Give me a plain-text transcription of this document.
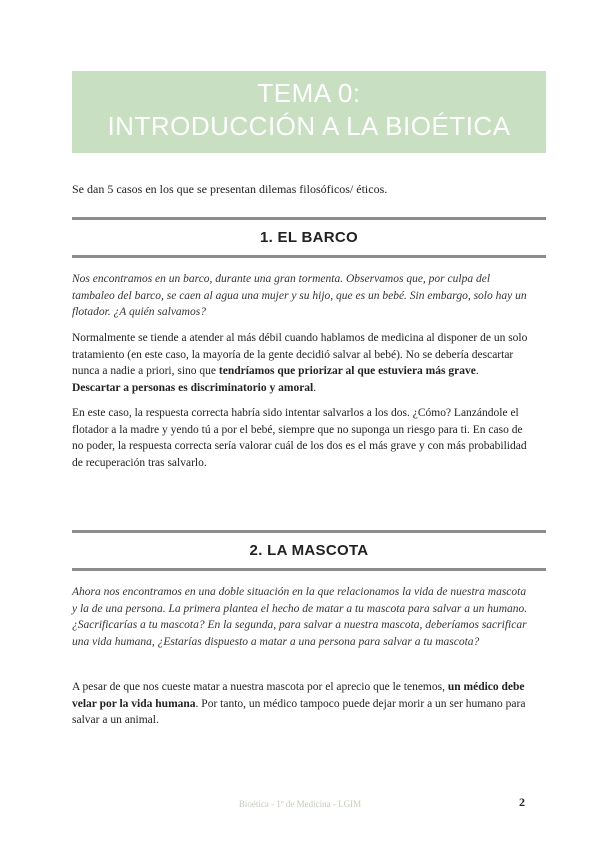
TEMA 0:
INTRODUCCIÓN A LA BIOÉTICA
Se dan 5 casos en los que se presentan dilemas filosóficos/ éticos.
1. EL BARCO

Nos encontramos en un barco, durante una gran tormenta. Observamos que, por culpa del tambaleo del barco, se caen al agua una mujer y su hijo, que es un bebé. Sin embargo, solo hay un flotador. ¿A quién salvamos?

Normalmente se tiende a atender al más débil cuando hablamos de medicina al disponer de un solo tratamiento (en este caso, la mayoría de la gente decidió salvar al bebé). No se debería descartar nunca a nadie a priori, sino que tendríamos que priorizar al que estuviera más grave. Descartar a personas es discriminatorio y amoral.

En este caso, la respuesta correcta habría sido intentar salvarlos a los dos. ¿Cómo? Lanzándole el flotador a la madre y yendo tú a por el bebé, siempre que no suponga un riesgo para ti. En caso de no poder, la respuesta correcta sería valorar cuál de los dos es el más grave y con más probabilidad de recuperación tras salvarlo.

2. LA MASCOTA

Ahora nos encontramos en una doble situación en la que relacionamos la vida de nuestra mascota y la de una persona. La primera plantea el hecho de matar a tu mascota para salvar a un humano. ¿Sacrificarías a tu mascota? En la segunda, para salvar a nuestra mascota, deberíamos sacrificar una vida humana, ¿Estarías dispuesto a matar a una persona para salvar a tu mascota?

A pesar de que nos cueste matar a nuestra mascota por el aprecio que le tenemos, un médico debe velar por la vida humana. Por tanto, un médico tampoco puede dejar morir a un ser humano para salvar a un animal.

Bioética - 1º de Medicina - LGIM	2
